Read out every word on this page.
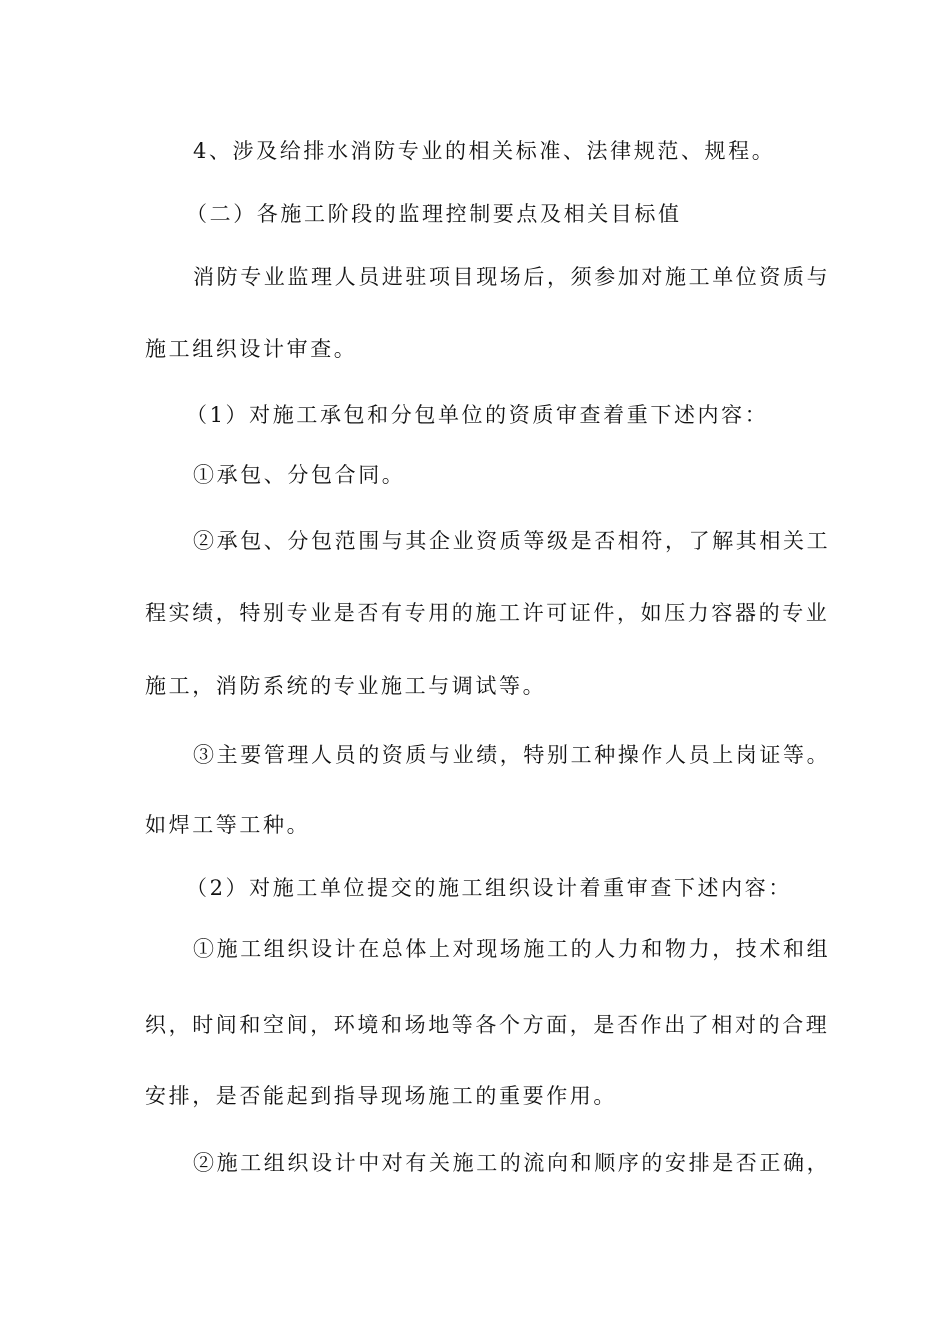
4、涉及给排水消防专业的相关标准、法律规范、规程。
（二）各施工阶段的监理控制要点及相关目标值
消防专业监理人员进驻项目现场后，须参加对施工单位资质与
施工组织设计审查。
（1）对施工承包和分包单位的资质审查着重下述内容：
①承包、分包合同。
②承包、分包范围与其企业资质等级是否相符，了解其相关工
程实绩，特别专业是否有专用的施工许可证件，如压力容器的专业
施工，消防系统的专业施工与调试等。
③主要管理人员的资质与业绩，特别工种操作人员上岗证等。
如焊工等工种。
（2）对施工单位提交的施工组织设计着重审查下述内容：
①施工组织设计在总体上对现场施工的人力和物力，技术和组
织，时间和空间，环境和场地等各个方面，是否作出了相对的合理
安排，是否能起到指导现场施工的重要作用。
②施工组织设计中对有关施工的流向和顺序的安排是否正确，
